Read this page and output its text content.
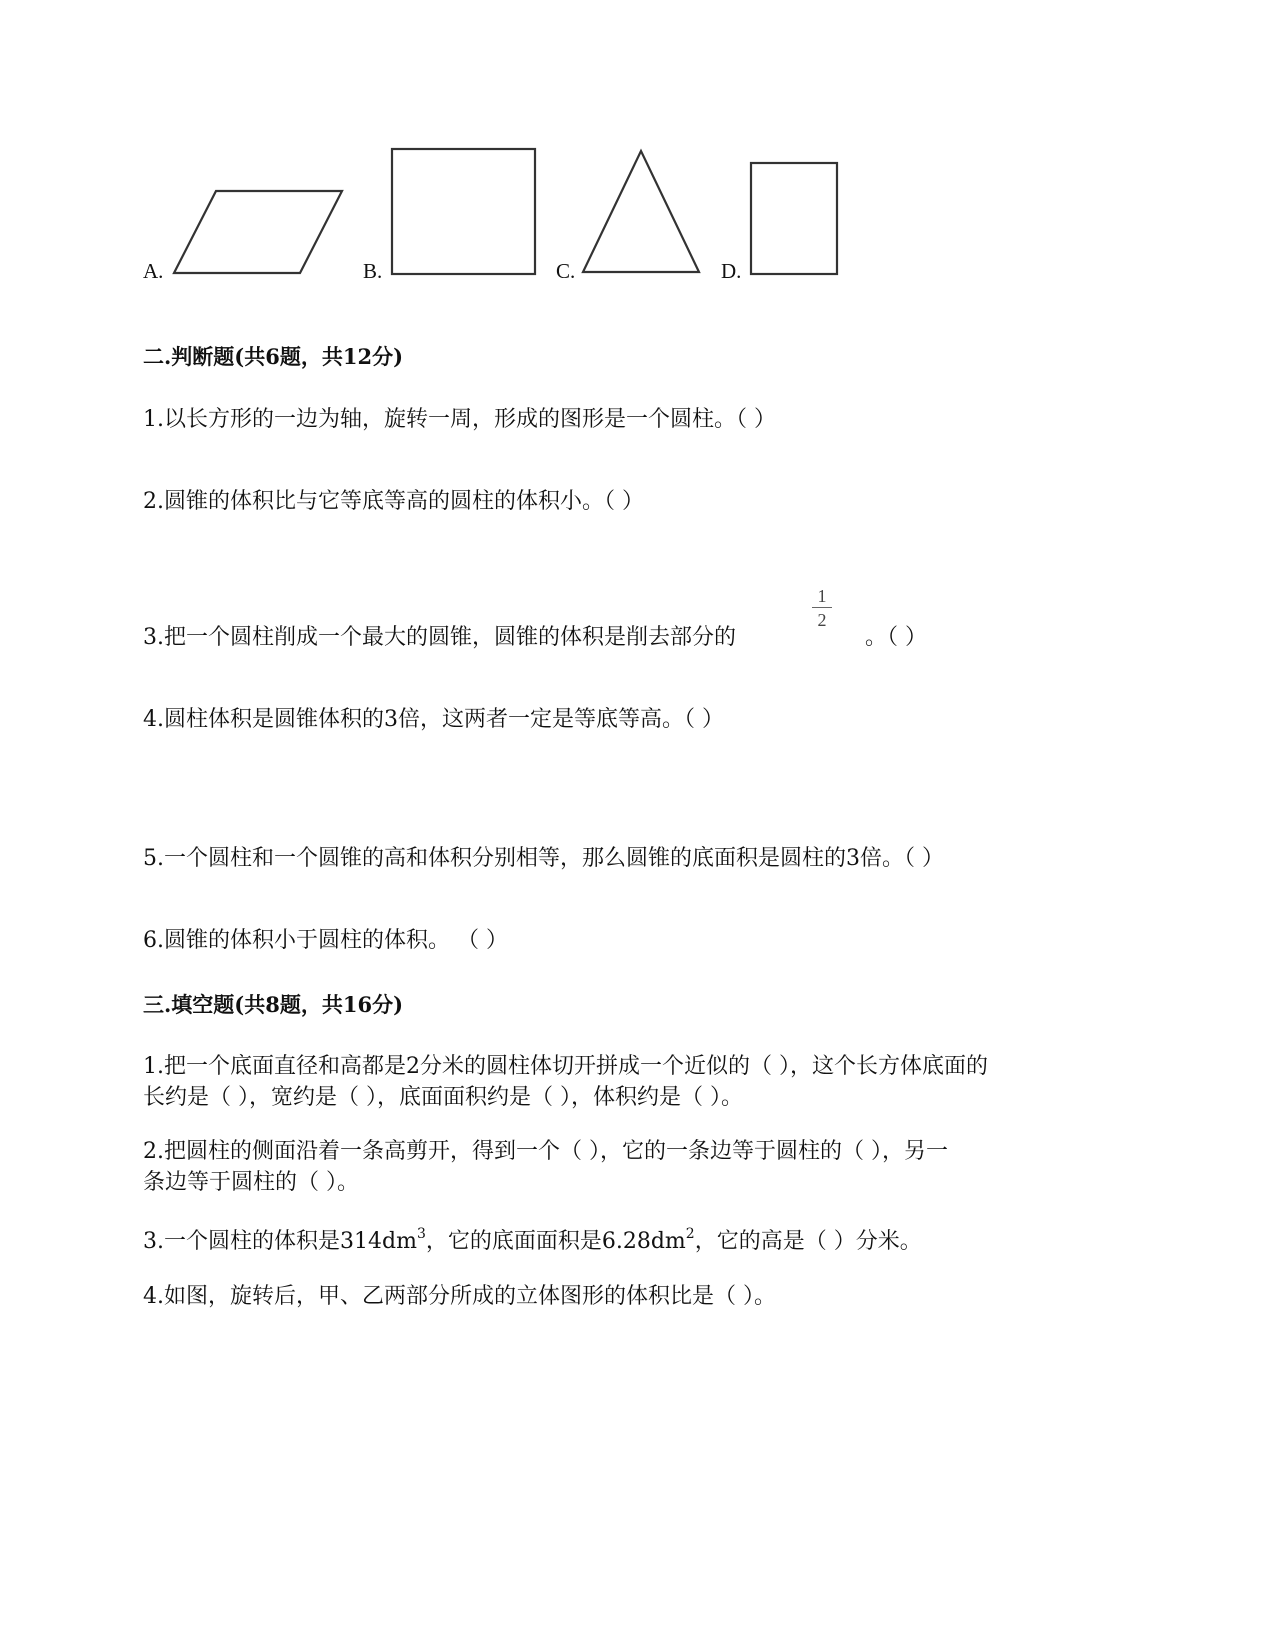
A.	B.	C.	D.
二.判断题(共6题，共12分)
1.以长方形的一边为轴，旋转一周，形成的图形是一个圆柱。（ ）
2.圆锥的体积比与它等底等高的圆柱的体积小。（ ）
3.把一个圆柱削成一个最大的圆锥，圆锥的体积是削去部分的
1
2
。（ ）
4.圆柱体积是圆锥体积的3倍，这两者一定是等底等高。（ ）
5.一个圆柱和一个圆锥的高和体积分别相等，那么圆锥的底面积是圆柱的3倍。（ ）
6.圆锥的体积小于圆柱的体积。 （ ）
三.填空题(共8题，共16分)
1.把一个底面直径和高都是2分米的圆柱体切开拼成一个近似的（ ），这个长方体底面的
长约是（ ），宽约是（ ），底面面积约是（ ），体积约是（ ）。
2.把圆柱的侧面沿着一条高剪开，得到一个（ ），它的一条边等于圆柱的（ ），另一
条边等于圆柱的（ ）。
3.一个圆柱的体积是$314dm^3$，它的底面面积是$6.28dm^2$，它的高是（ ）分米。
4.如图，旋转后，甲、乙两部分所成的立体图形的体积比是（ ）。
